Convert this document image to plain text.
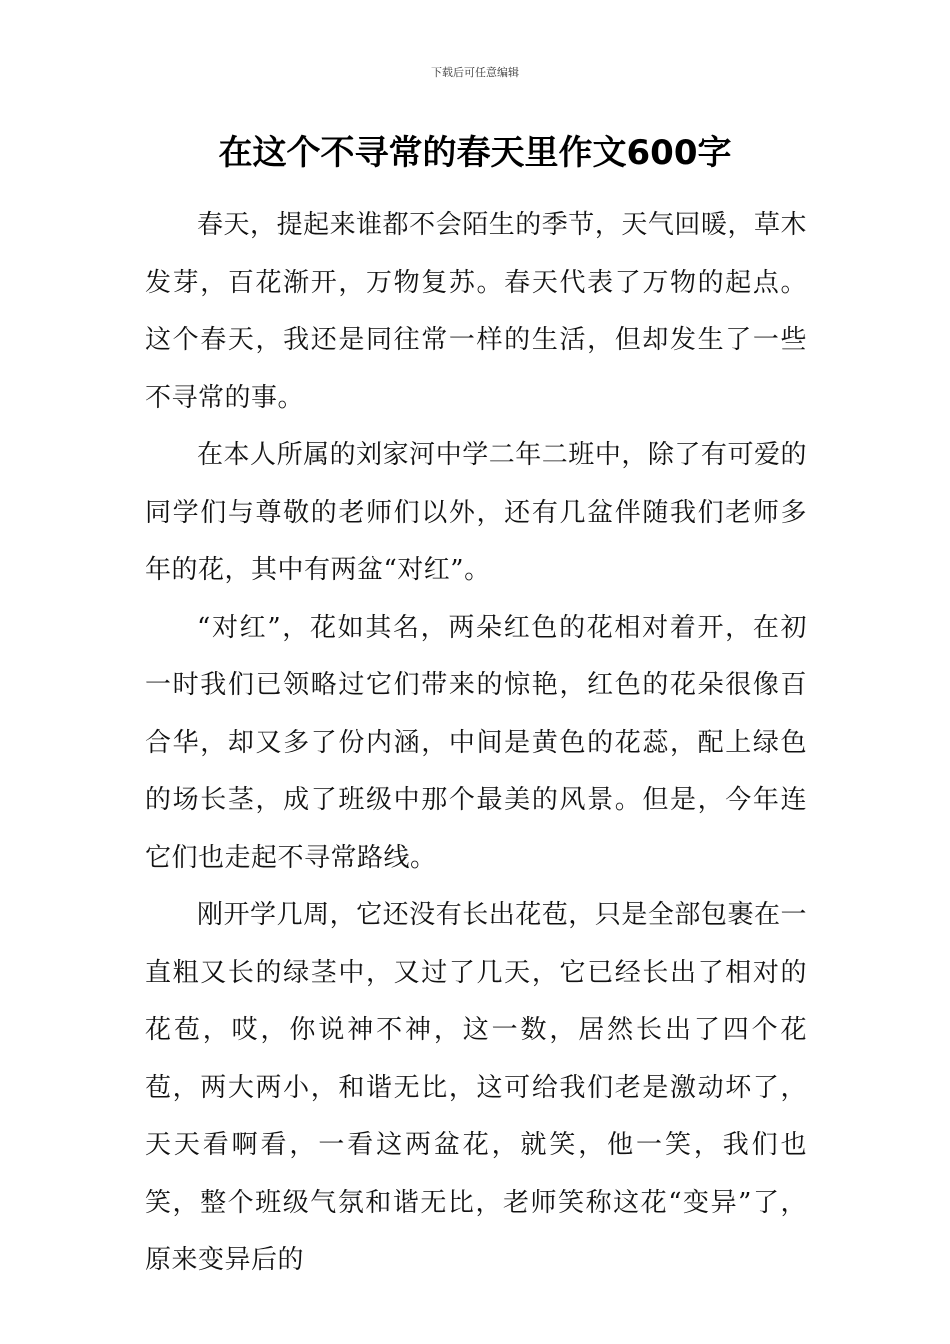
下载后可任意编辑
在这个不寻常的春天里作文600字

春天，提起来谁都不会陌生的季节，天气回暖，草木发芽，百花渐开，万物复苏。春天代表了万物的起点。这个春天，我还是同往常一样的生活，但却发生了一些不寻常的事。

在本人所属的刘家河中学二年二班中，除了有可爱的同学们与尊敬的老师们以外，还有几盆伴随我们老师多年的花，其中有两盆“对红”。

“对红”，花如其名，两朵红色的花相对着开，在初一时我们已领略过它们带来的惊艳，红色的花朵很像百合华，却又多了份内涵，中间是黄色的花蕊，配上绿色的场长茎，成了班级中那个最美的风景。但是，今年连它们也走起不寻常路线。

刚开学几周，它还没有长出花苞，只是全部包裹在一直粗又长的绿茎中，又过了几天，它已经长出了相对的花苞，哎，你说神不神，这一数，居然长出了四个花苞，两大两小，和谐无比，这可给我们老是激动坏了，天天看啊看，一看这两盆花，就笑，他一笑，我们也笑，整个班级气氛和谐无比，老师笑称这花“变异”了，原来变异后的
